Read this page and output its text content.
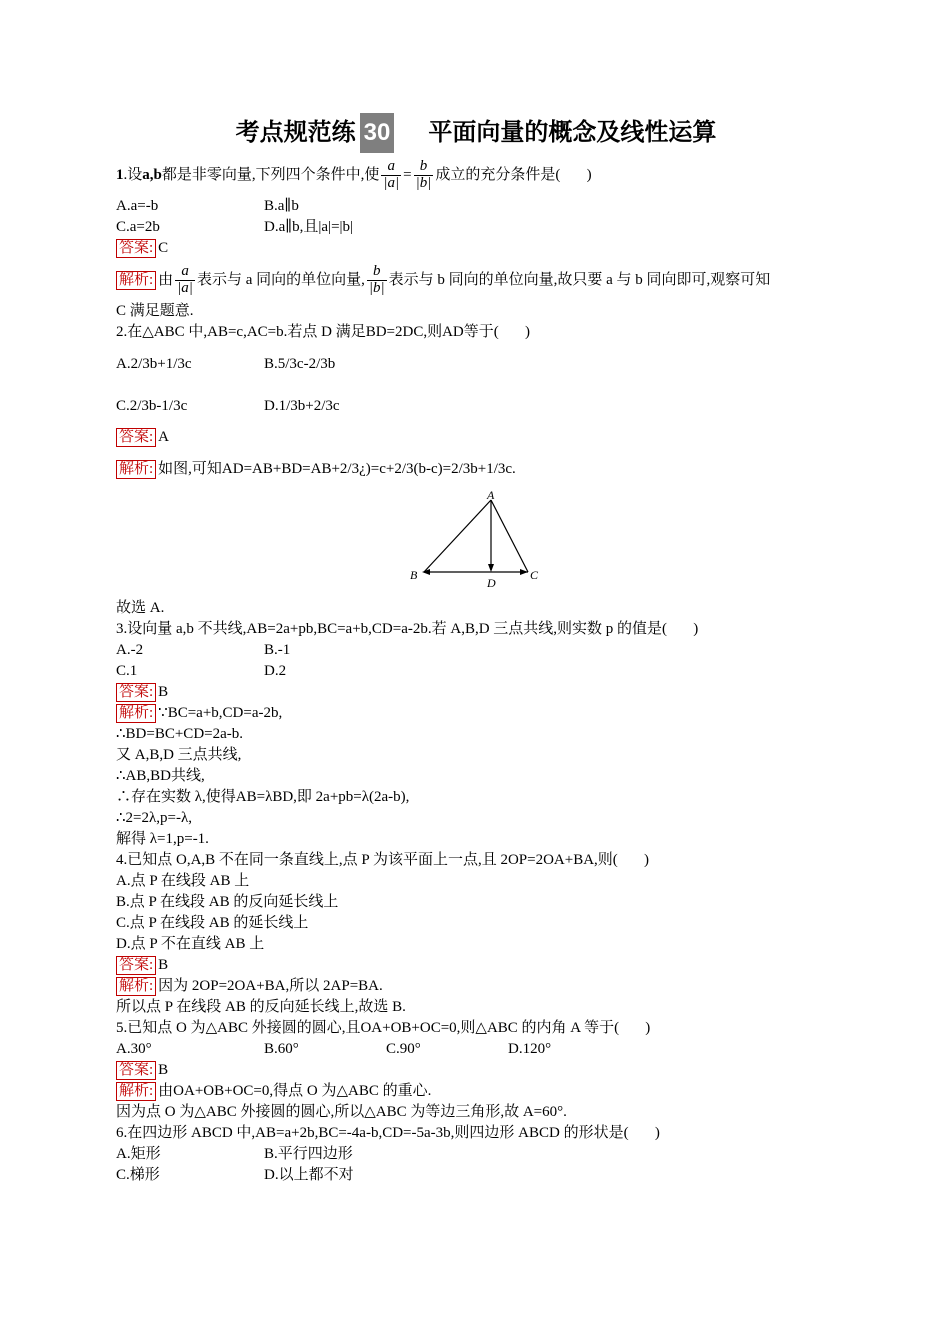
考点规范练 30 平面向量的概念及线性运算
1.设a,b都是非零向量,下列四个条件中,使 $\frac{a}{|a|} = \frac{b}{|b|}$ 成立的充分条件是(       )
A.a=-b	B.a∥b
C.a=2b	D.a∥b,且|a|=|b|
答案: C
解析: 由 $\frac{a}{|a|}$ 表示与 a 同向的单位向量, $\frac{b}{|b|}$ 表示与 b 同向的单位向量,故只要 a 与 b 同向即可,观察可知
C 满足题意.
2.在△ABC 中,AB=c,AC=b.若点 D 满足BD=2DC,则AD等于(       )
A.2/3b+1/3c	B.5/3c-2/3b
C.2/3b-1/3c	D.1/3b+2/3c
答案: A
解析: 如图,可知AD=AB+BD=AB+2/3¿)=c+2/3(b-c)=2/3b+1/3c.
A
B	C
D
故选 A.
3.设向量 a,b 不共线,AB=2a+pb,BC=a+b,CD=a-2b.若 A,B,D 三点共线,则实数 p 的值是(       )
A.-2	B.-1
C.1	D.2
答案: B
解析: ∵BC=a+b,CD=a-2b,
∴BD=BC+CD=2a-b.
又 A,B,D 三点共线,
∴AB,BD共线,
∴存在实数 λ,使得AB=λBD,即 2a+pb=λ(2a-b),
∴2=2λ,p=-λ,
解得 λ=1,p=-1.
4.已知点 O,A,B 不在同一条直线上,点 P 为该平面上一点,且 2OP=2OA+BA,则(       )
A.点 P 在线段 AB 上
B.点 P 在线段 AB 的反向延长线上
C.点 P 在线段 AB 的延长线上
D.点 P 不在直线 AB 上
答案: B
解析: 因为 2OP=2OA+BA,所以 2AP=BA.
所以点 P 在线段 AB 的反向延长线上,故选 B.
5.已知点 O 为△ABC 外接圆的圆心,且OA+OB+OC=0,则△ABC 的内角 A 等于(       )
A.30°	B.60°	C.90°	D.120°
答案: B
解析: 由OA+OB+OC=0,得点 O 为△ABC 的重心.
因为点 O 为△ABC 外接圆的圆心,所以△ABC 为等边三角形,故 A=60°.
6.在四边形 ABCD 中,AB=a+2b,BC=-4a-b,CD=-5a-3b,则四边形 ABCD 的形状是(       )
A.矩形	B.平行四边形
C.梯形	D.以上都不对
